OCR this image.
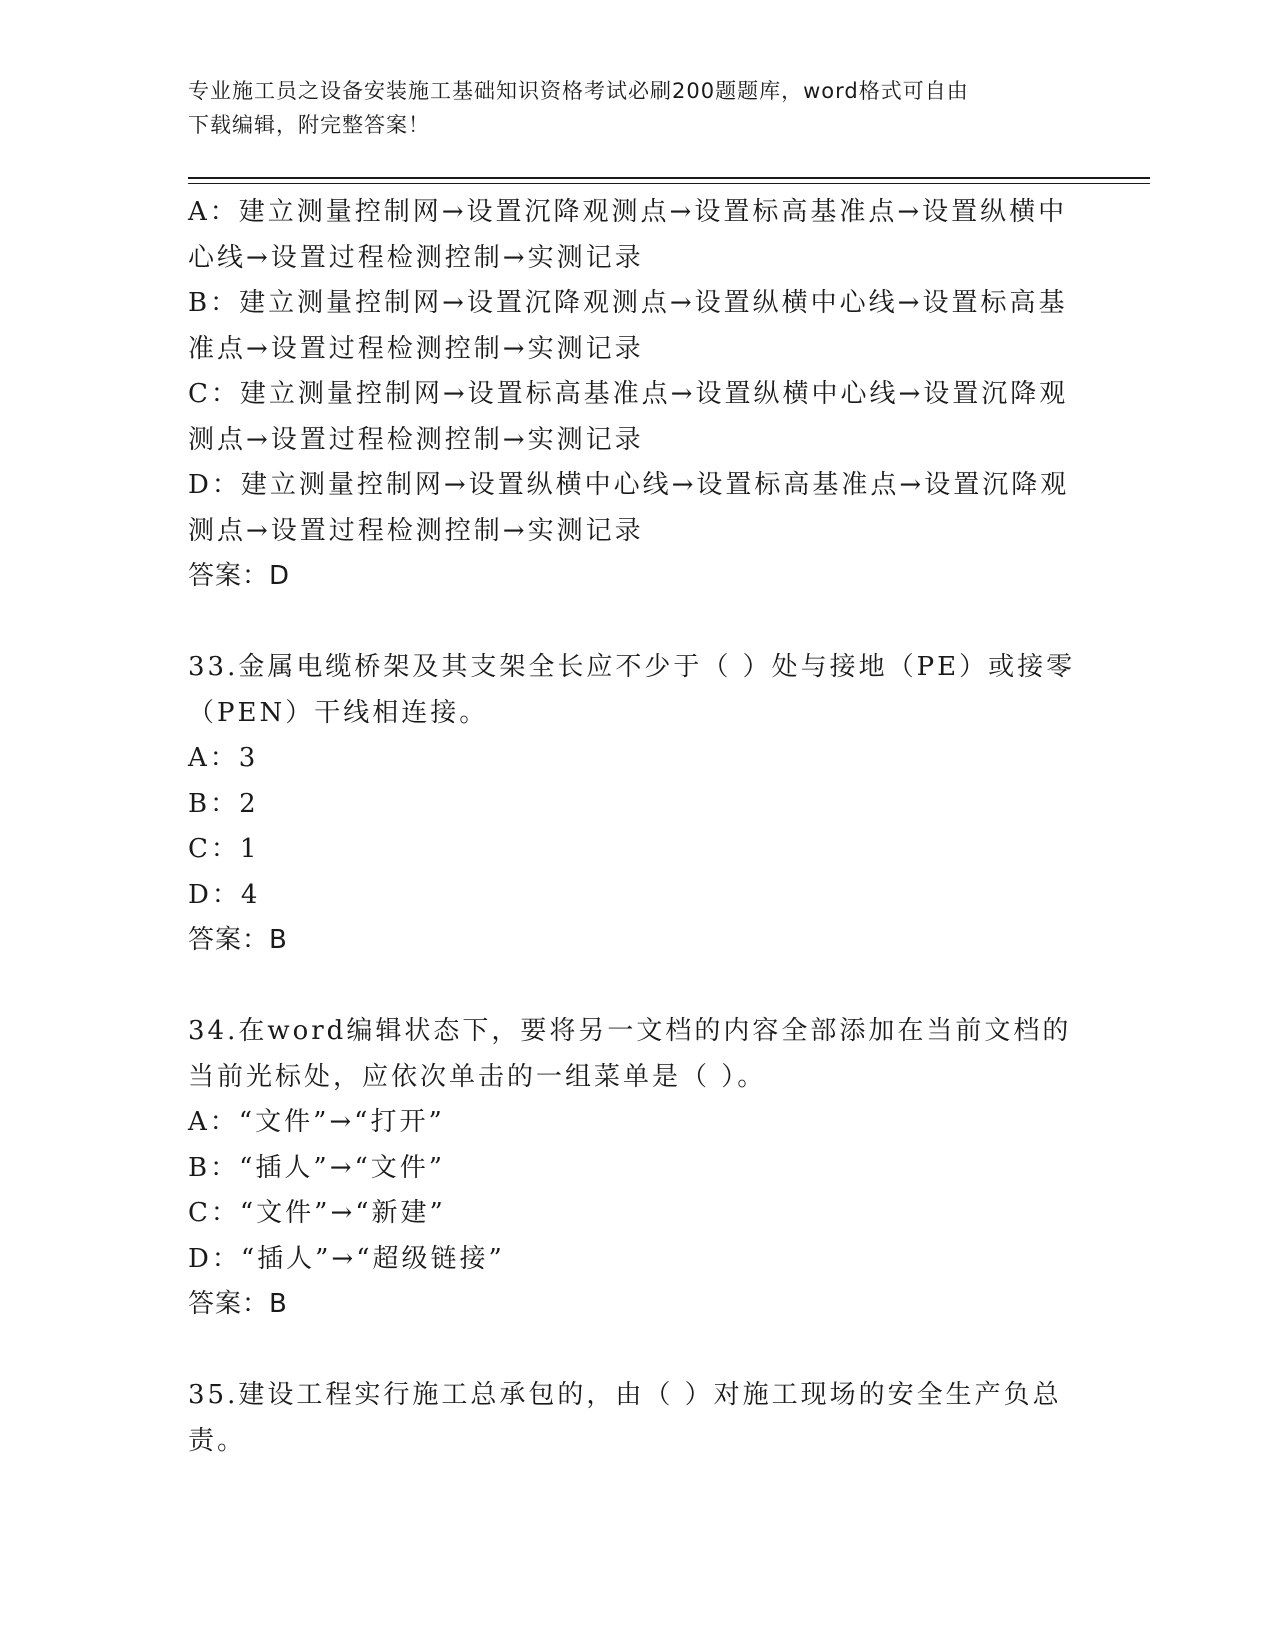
专业施工员之设备安装施工基础知识资格考试必刷200题题库，word格式可自由
下载编辑，附完整答案！
A：建立测量控制网→设置沉降观测点→设置标高基准点→设置纵横中
心线→设置过程检测控制→实测记录
B：建立测量控制网→设置沉降观测点→设置纵横中心线→设置标高基
准点→设置过程检测控制→实测记录
C：建立测量控制网→设置标高基准点→设置纵横中心线→设置沉降观
测点→设置过程检测控制→实测记录
D：建立测量控制网→设置纵横中心线→设置标高基准点→设置沉降观
测点→设置过程检测控制→实测记录
答案：D
33.金属电缆桥架及其支架全长应不少于（ ）处与接地（PE）或接零
（PEN）干线相连接。
A：3
B：2
C：1
D：4
答案：B
34.在word编辑状态下，要将另一文档的内容全部添加在当前文档的
当前光标处，应依次单击的一组菜单是（ ）。
A：“文件”→“打开”
B：“插人”→“文件”
C：“文件”→“新建”
D：“插人”→“超级链接”
答案：B
35.建设工程实行施工总承包的，由（ ）对施工现场的安全生产负总
责。
